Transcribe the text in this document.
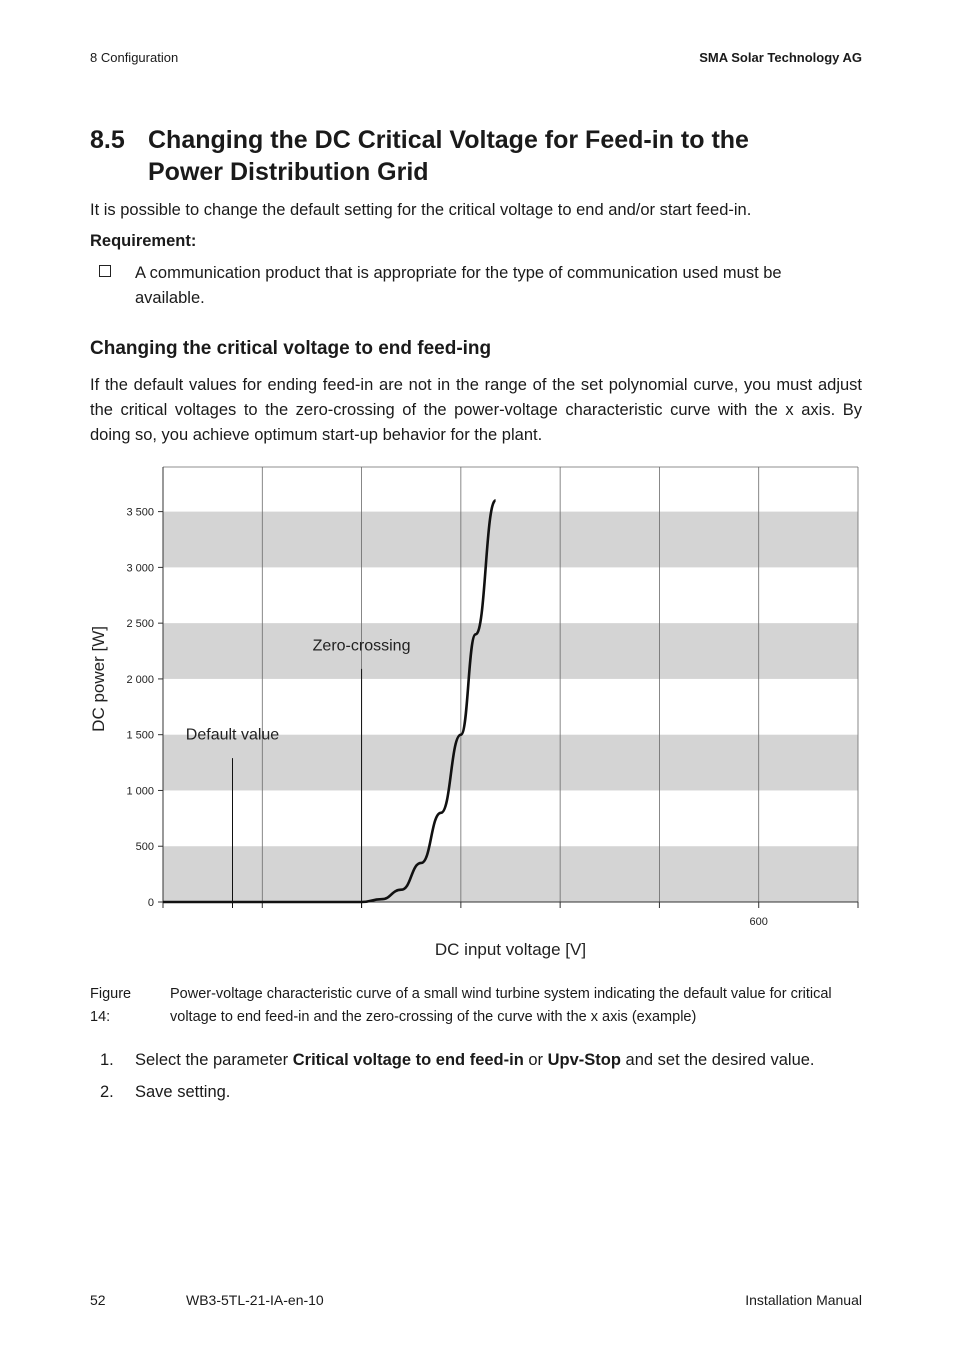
8 Configuration	SMA Solar Technology AG
8.5 Changing the DC Critical Voltage for Feed-in to the
Power Distribution Grid
It is possible to change the default setting for the critical voltage to end and/or start feed-in.
Requirement:
A communication product that is appropriate for the type of communication used must be available.
Changing the critical voltage to end feed-ing
If the default values for ending feed-in are not in the range of the set polynomial curve, you must adjust the critical voltages to the zero-crossing of the power-voltage characteristic curve with the x axis. By doing so, you achieve optimum start-up behavior for the plant.
0
500
1 000
1 500
2 000
2 500
3 000
3 500
600
Default value
Zero-crossing
DC input voltage [V]
DC power [W]
Figure 14:
Power-voltage characteristic curve of a small wind turbine system indicating the default value for critical voltage to end feed-in and the zero-crossing of the curve with the x axis (example)
1. Select the parameter Critical voltage to end feed-in or Upv-Stop and set the desired value.
2. Save setting.
52	WB3-5TL-21-IA-en-10	Installation Manual
